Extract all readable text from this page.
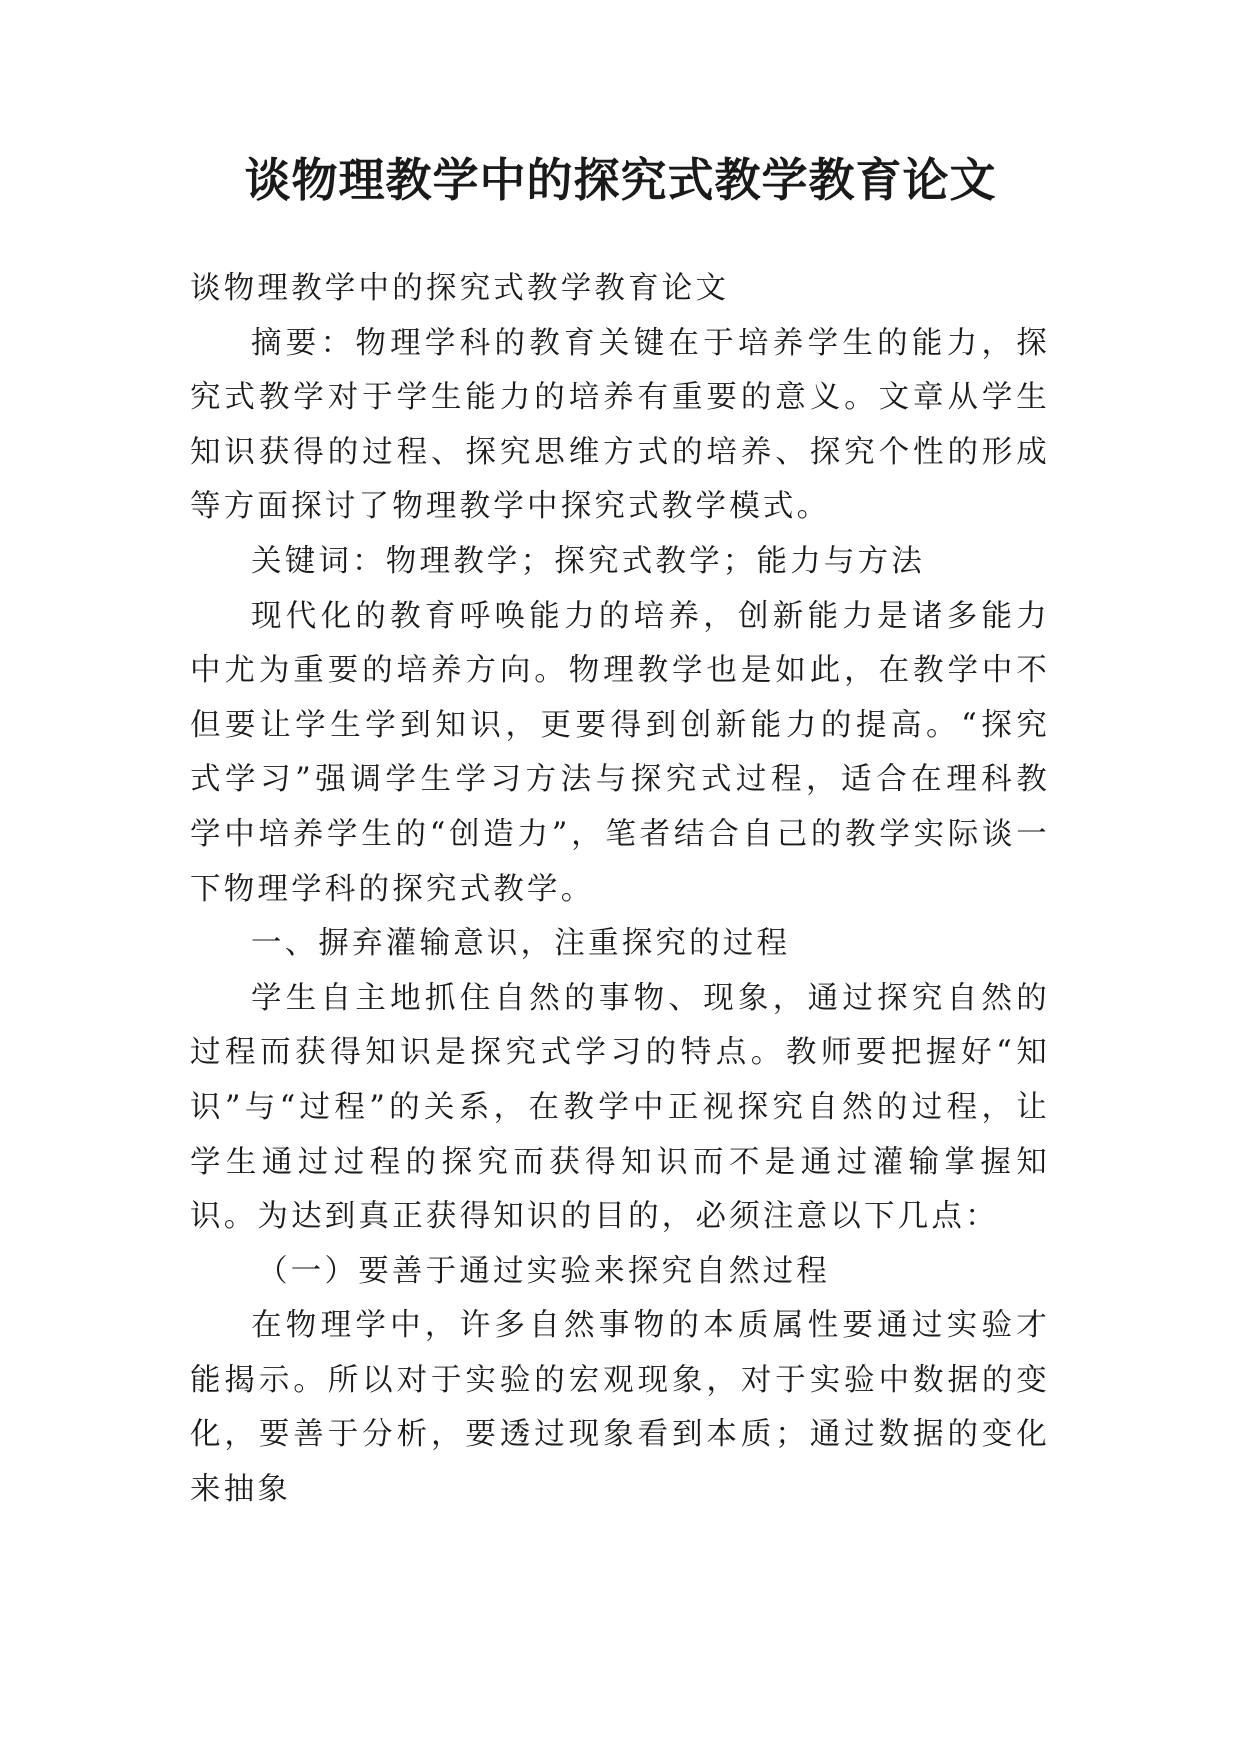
谈物理教学中的探究式教学教育论文

谈物理教学中的探究式教学教育论文

摘要：物理学科的教育关键在于培养学生的能力，探究式教学对于学生能力的培养有重要的意义。文章从学生知识获得的过程、探究思维方式的培养、探究个性的形成等方面探讨了物理教学中探究式教学模式。

关键词：物理教学；探究式教学；能力与方法

现代化的教育呼唤能力的培养，创新能力是诸多能力中尤为重要的培养方向。物理教学也是如此，在教学中不但要让学生学到知识，更要得到创新能力的提高。“探究式学习”强调学生学习方法与探究式过程，适合在理科教学中培养学生的“创造力”，笔者结合自己的教学实际谈一下物理学科的探究式教学。

一、摒弃灌输意识，注重探究的过程

学生自主地抓住自然的事物、现象，通过探究自然的过程而获得知识是探究式学习的特点。教师要把握好“知识”与“过程”的关系，在教学中正视探究自然的过程，让学生通过过程的探究而获得知识而不是通过灌输掌握知识。为达到真正获得知识的目的，必须注意以下几点：

（一）要善于通过实验来探究自然过程

在物理学中，许多自然事物的本质属性要通过实验才能揭示。所以对于实验的宏观现象，对于实验中数据的变化，要善于分析，要透过现象看到本质；通过数据的变化来抽象
